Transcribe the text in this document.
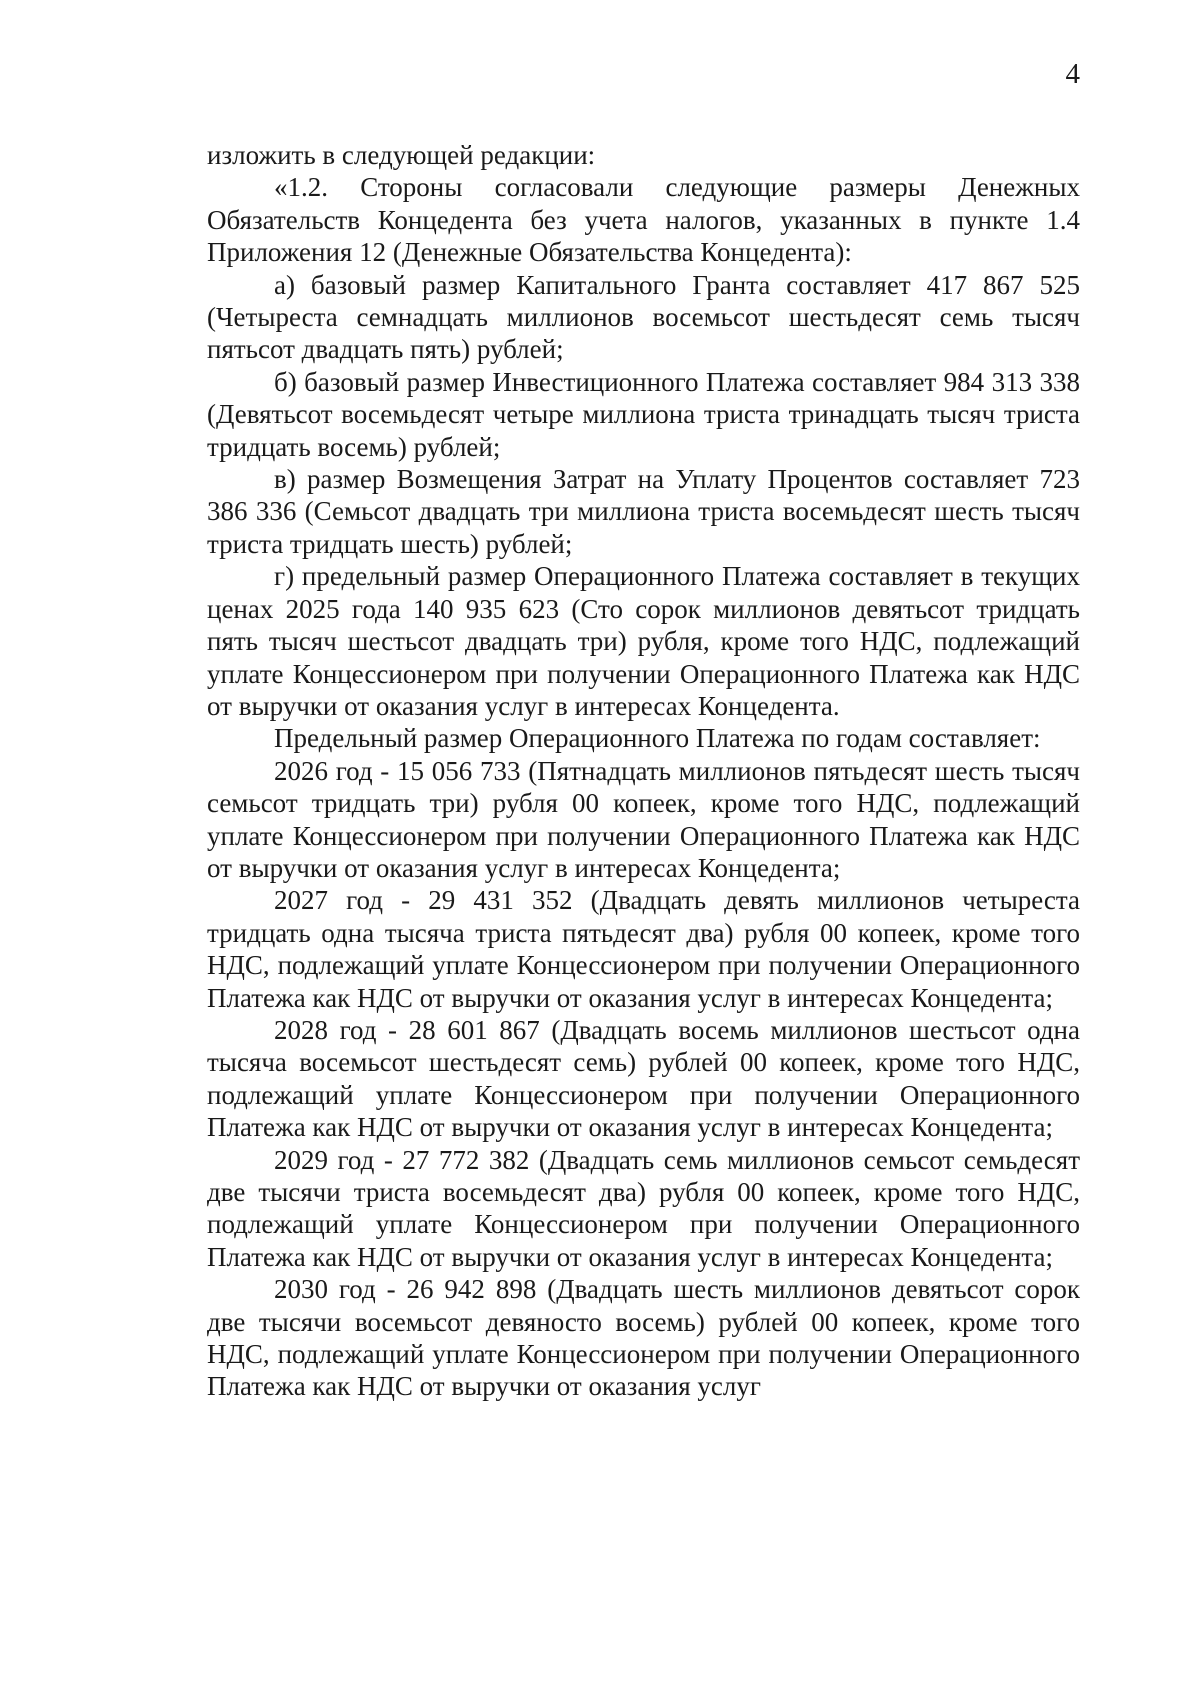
4

изложить в следующей редакции:

«1.2. Стороны согласовали следующие размеры Денежных Обязательств Концедента без учета налогов, указанных в пункте 1.4 Приложения 12 (Денежные Обязательства Концедента):

а) базовый размер Капитального Гранта составляет 417 867 525 (Четыреста семнадцать миллионов восемьсот шестьдесят семь тысяч пятьсот двадцать пять) рублей;

б) базовый размер Инвестиционного Платежа составляет 984 313 338 (Девятьсот восемьдесят четыре миллиона триста тринадцать тысяч триста тридцать восемь) рублей;

в) размер Возмещения Затрат на Уплату Процентов составляет 723 386 336 (Семьсот двадцать три миллиона триста восемьдесят шесть тысяч триста тридцать шесть) рублей;

г) предельный размер Операционного Платежа составляет в текущих ценах 2025 года 140 935 623 (Сто сорок миллионов девятьсот тридцать пять тысяч шестьсот двадцать три) рубля, кроме того НДС, подлежащий уплате Концессионером при получении Операционного Платежа как НДС от выручки от оказания услуг в интересах Концедента.

Предельный размер Операционного Платежа по годам составляет:

2026 год - 15 056 733 (Пятнадцать миллионов пятьдесят шесть тысяч семьсот тридцать три) рубля 00 копеек, кроме того НДС, подлежащий уплате Концессионером при получении Операционного Платежа как НДС от выручки от оказания услуг в интересах Концедента;

2027 год - 29 431 352 (Двадцать девять миллионов четыреста тридцать одна тысяча триста пятьдесят два) рубля 00 копеек, кроме того НДС, подлежащий уплате Концессионером при получении Операционного Платежа как НДС от выручки от оказания услуг в интересах Концедента;

2028 год - 28 601 867 (Двадцать восемь миллионов шестьсот одна тысяча восемьсот шестьдесят семь) рублей 00 копеек, кроме того НДС, подлежащий уплате Концессионером при получении Операционного Платежа как НДС от выручки от оказания услуг в интересах Концедента;

2029 год - 27 772 382 (Двадцать семь миллионов семьсот семьдесят две тысячи триста восемьдесят два) рубля 00 копеек, кроме того НДС, подлежащий уплате Концессионером при получении Операционного Платежа как НДС от выручки от оказания услуг в интересах Концедента;

2030 год - 26 942 898 (Двадцать шесть миллионов девятьсот сорок две тысячи восемьсот девяносто восемь) рублей 00 копеек, кроме того НДС, подлежащий уплате Концессионером при получении Операционного Платежа как НДС от выручки от оказания услуг
